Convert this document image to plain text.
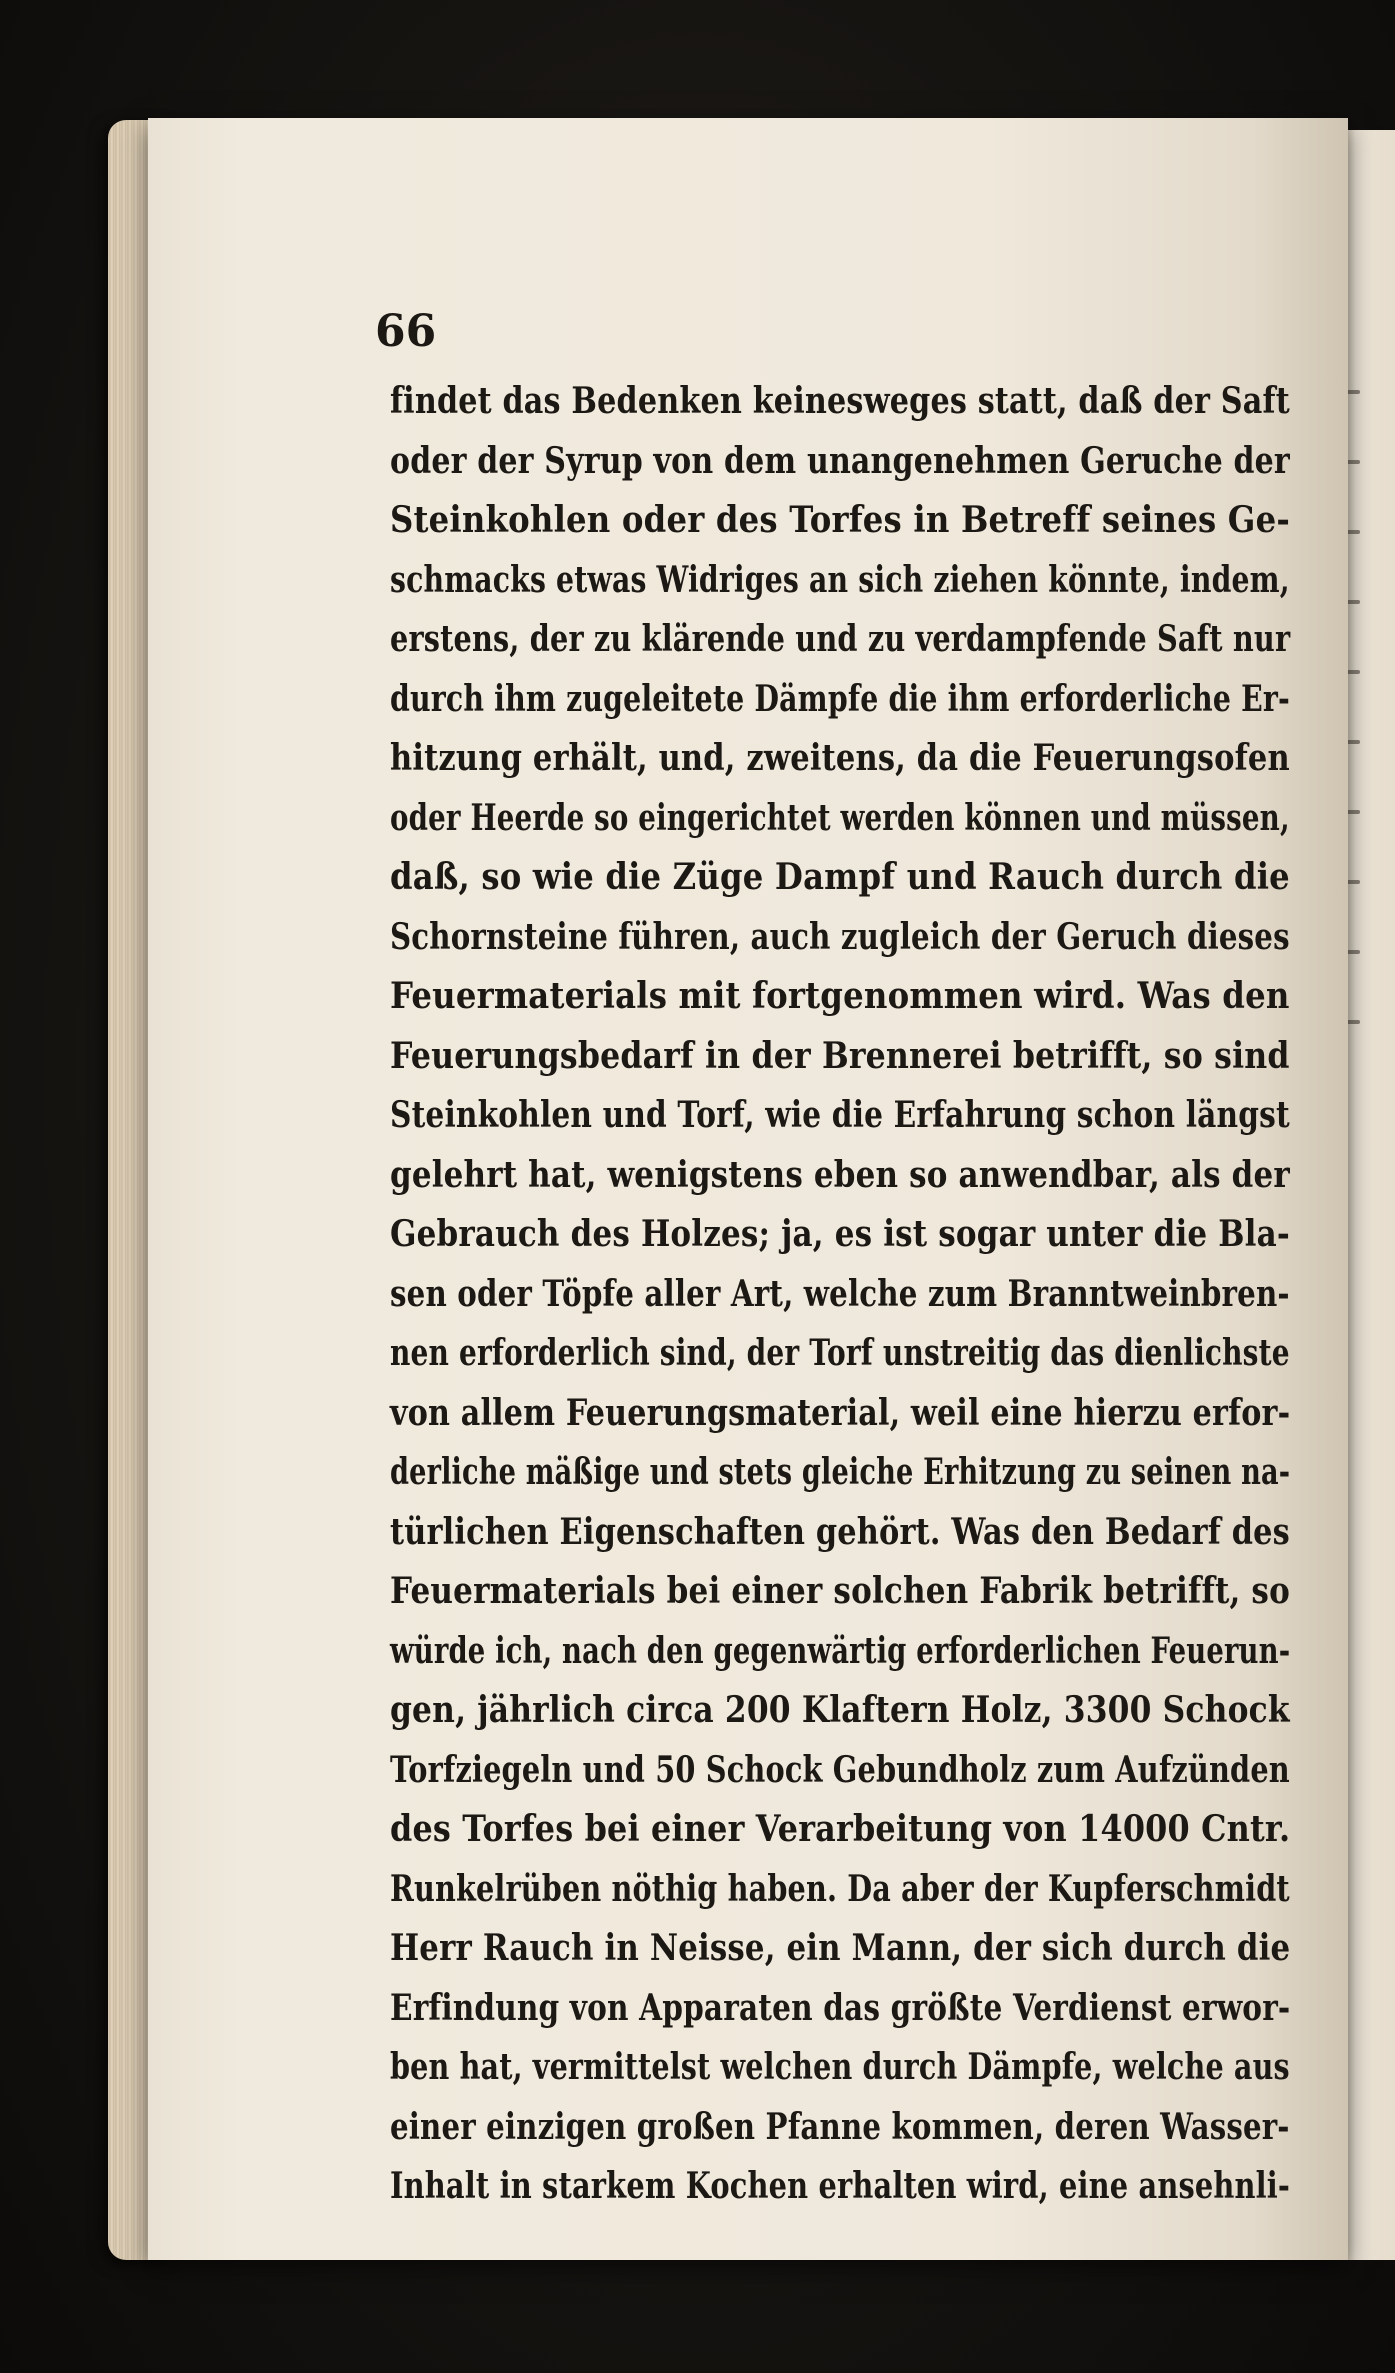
66
findet das Bedenken keinesweges statt, daß der Saft
oder der Syrup von dem unangenehmen Geruche der
Steinkohlen oder des Torfes in Betreff seines Ge-
schmacks etwas Widriges an sich ziehen könnte, indem,
erstens, der zu klärende und zu verdampfende Saft nur
durch ihm zugeleitete Dämpfe die ihm erforderliche Er-
hitzung erhält, und, zweitens, da die Feuerungsofen
oder Heerde so eingerichtet werden können und müssen,
daß, so wie die Züge Dampf und Rauch durch die
Schornsteine führen, auch zugleich der Geruch dieses
Feuermaterials mit fortgenommen wird. Was den
Feuerungsbedarf in der Brennerei betrifft, so sind
Steinkohlen und Torf, wie die Erfahrung schon längst
gelehrt hat, wenigstens eben so anwendbar, als der
Gebrauch des Holzes; ja, es ist sogar unter die Bla-
sen oder Töpfe aller Art, welche zum Branntweinbren-
nen erforderlich sind, der Torf unstreitig das dienlichste
von allem Feuerungsmaterial, weil eine hierzu erfor-
derliche mäßige und stets gleiche Erhitzung zu seinen na-
türlichen Eigenschaften gehört. Was den Bedarf des
Feuermaterials bei einer solchen Fabrik betrifft, so
würde ich, nach den gegenwärtig erforderlichen Feuerun-
gen, jährlich circa 200 Klaftern Holz, 3300 Schock
Torfziegeln und 50 Schock Gebundholz zum Aufzünden
des Torfes bei einer Verarbeitung von 14000 Cntr.
Runkelrüben nöthig haben. Da aber der Kupferschmidt
Herr Rauch in Neisse, ein Mann, der sich durch die
Erfindung von Apparaten das größte Verdienst erwor-
ben hat, vermittelst welchen durch Dämpfe, welche aus
einer einzigen großen Pfanne kommen, deren Wasser-
Inhalt in starkem Kochen erhalten wird, eine ansehnli-
